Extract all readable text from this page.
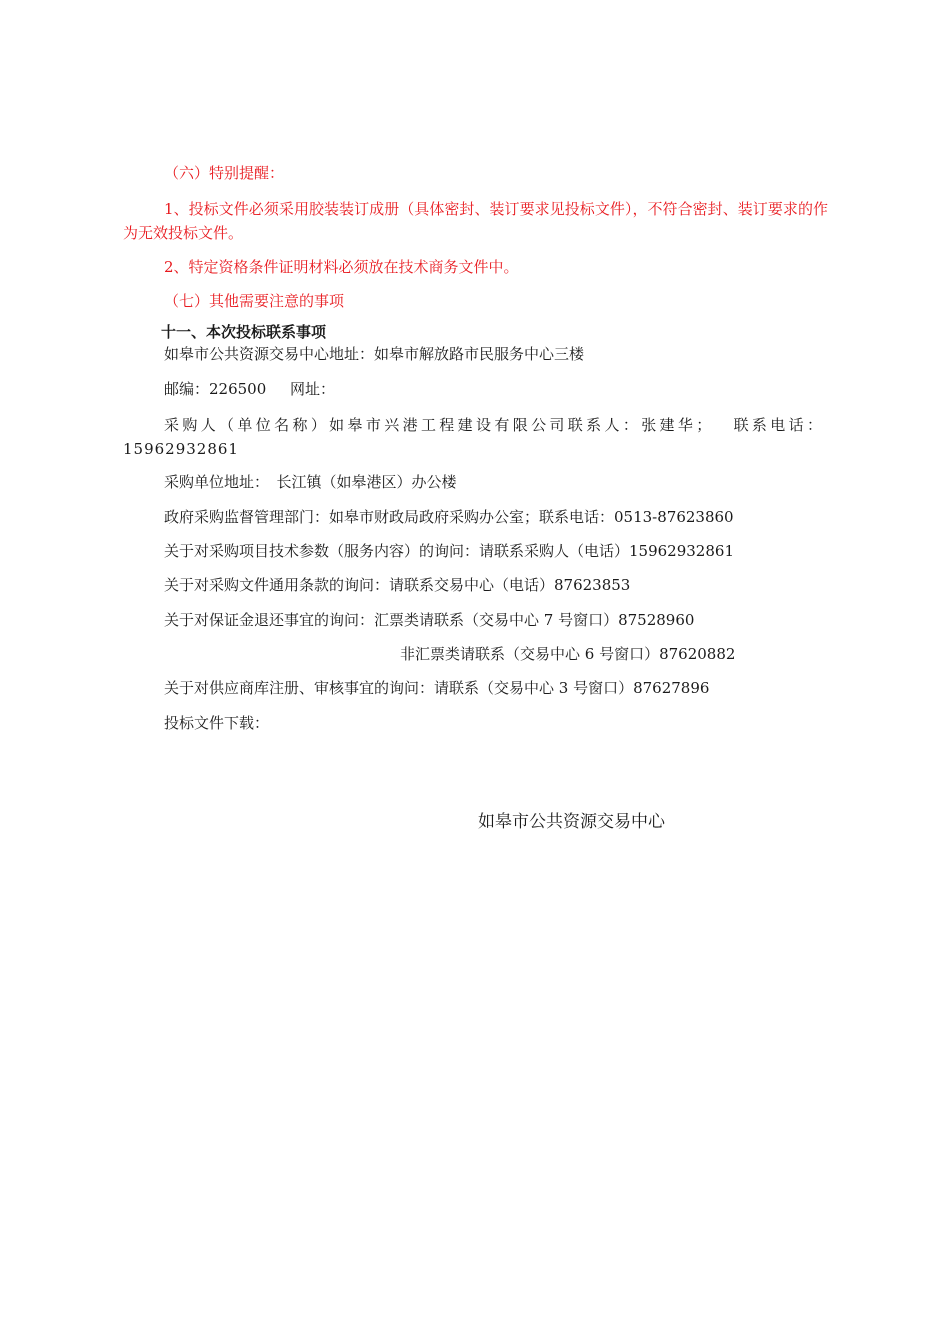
（六）特别提醒：
1、投标文件必须采用胶装装订成册（具体密封、装订要求见投标文件），不符合密封、装订要求的作为无效投标文件。
2、特定资格条件证明材料必须放在技术商务文件中。
（七）其他需要注意的事项
十一、本次投标联系事项
如皋市公共资源交易中心地址：如皋市解放路市民服务中心三楼
邮编：226500 网址：
采购人（单位名称）如皋市兴港工程建设有限公司联系人：张建华；　 联系电话：15962932861
采购单位地址：　长江镇（如皋港区）办公楼
政府采购监督管理部门：如皋市财政局政府采购办公室；联系电话：0513-87623860
关于对采购项目技术参数（服务内容）的询问：请联系采购人（电话）15962932861
关于对采购文件通用条款的询问：请联系交易中心（电话）87623853
关于对保证金退还事宜的询问：汇票类请联系（交易中心 7 号窗口）87528960
非汇票类请联系（交易中心 6 号窗口）87620882
关于对供应商库注册、审核事宜的询问：请联系（交易中心 3 号窗口）87627896
投标文件下载：
如皋市公共资源交易中心
